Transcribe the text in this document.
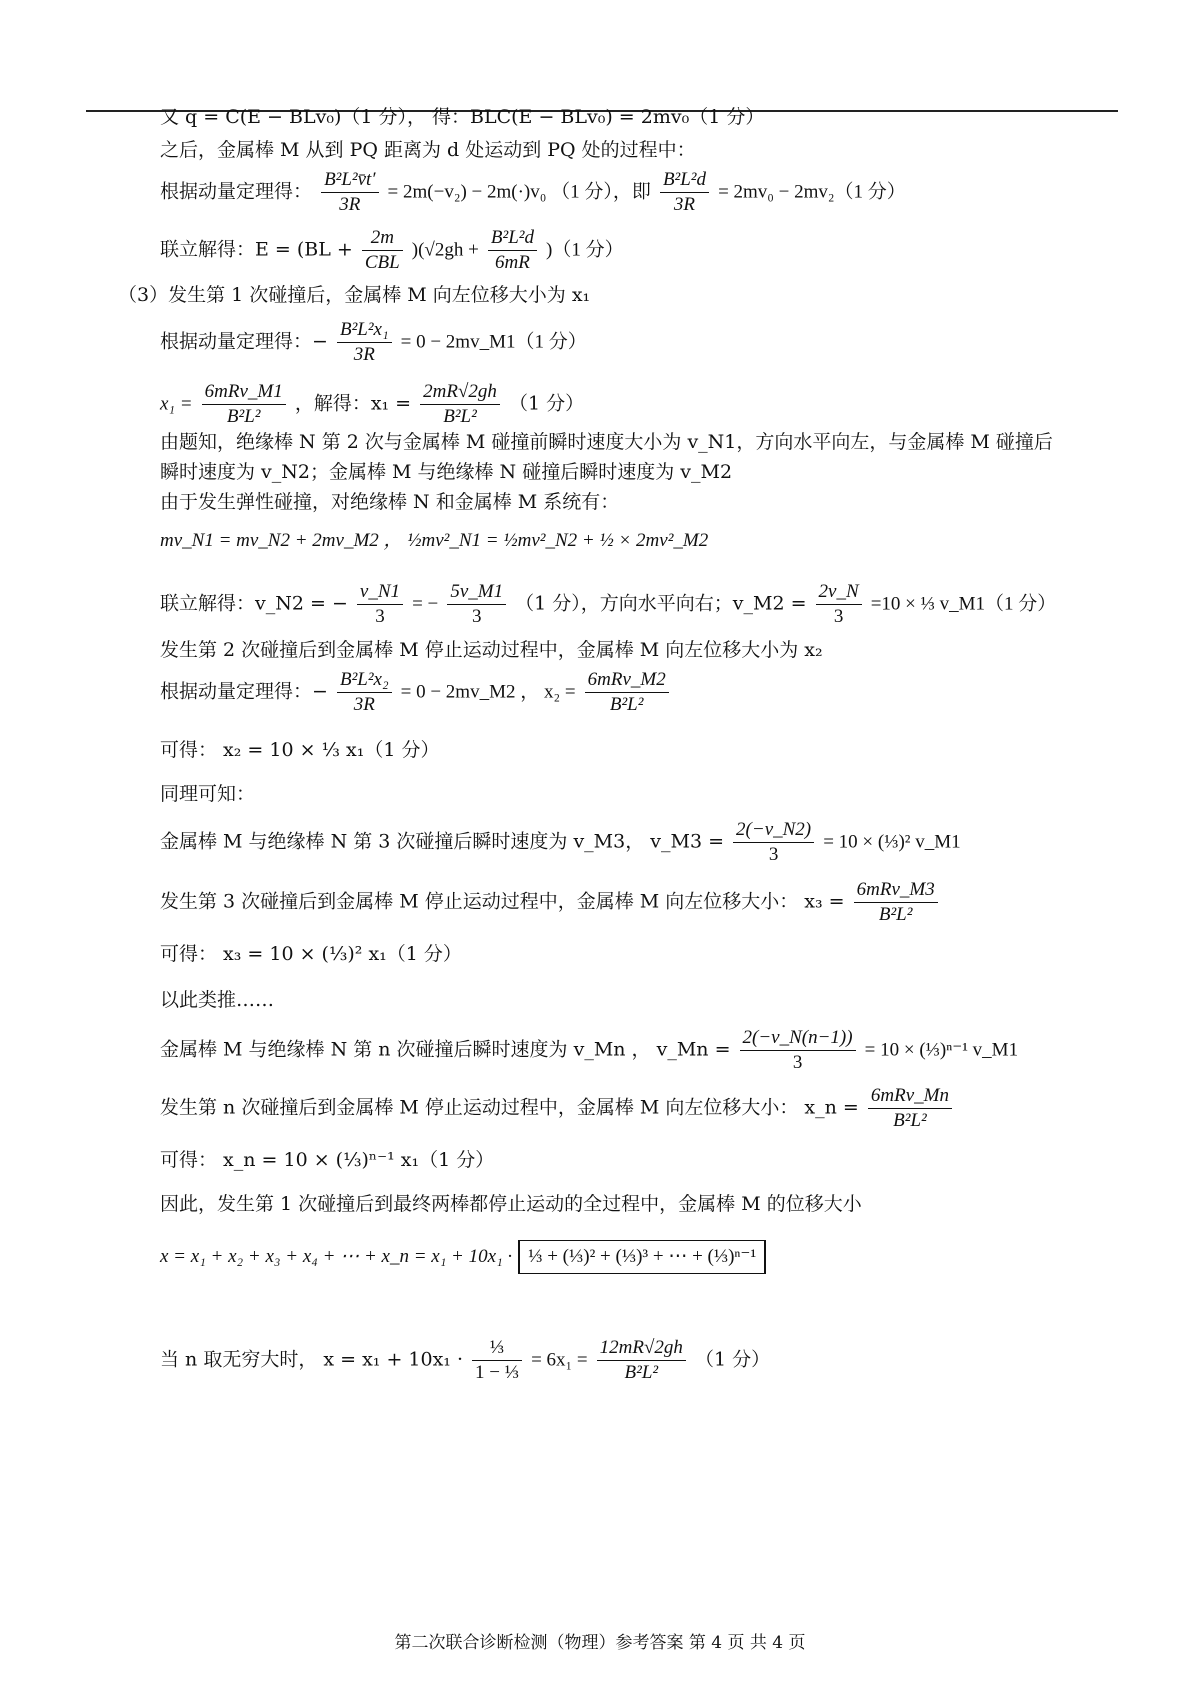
又 q = C(E − BLv₀)（1 分）， 得：BLC(E − BLv₀) = 2mv₀（1 分）
之后，金属棒 M 从到 PQ 距离为 d 处运动到 PQ 处的过程中：
根据动量定理得： $\frac{\text{B²L²v̄t′}}{3R} = 2m(-v_2) - 2m(\cdot)v_0$ （1 分），即 $\frac{\text{B²L²d}}{3R} = 2mv_0 - 2mv_2(1$ 分）
联立解得：$E = (BL + \frac{2m}{\text{CBL}} )(√2gh + \frac{\text{B²L²d}}{6mR} )(1$ 分）
（3）发生第 1 次碰撞后，金属棒 M 向左位移大小为 x₁
根据动量定理得：− $\frac{\text{B²L²x₁}}{3R} = 0$ − 2mv_M1（1 分）
$x_1 = \frac{\text{6mRv\_M1}}{\text{B²L²}}$ ，解得：$x_1 = \frac{2mR√2gh}{\text{B²L²}} (1$ 分）
由题知，绝缘棒 N 第 2 次与金属棒 M 碰撞前瞬时速度大小为 v_N1，方向水平向左，与金属棒 M 碰撞后
瞬时速度为 v_N2；金属棒 M 与绝缘棒 N 碰撞后瞬时速度为 v_M2
由于发生弹性碰撞，对绝缘棒 N 和金属棒 M 系统有：
mv_N1 = mv_N2 + 2mv_M2 ， ½mv²_N1 = ½mv²_N2 + ½ × 2mv²_M2
联立解得：v_N2 = − $\frac{v\_N1}{3}$ = − $\frac{5v\_M1}{3} (1$ 分），方向水平向右；v_M2 = $\frac{2v\_N}{3} =10$ × ⅓ v_M1（1 分）
发生第 2 次碰撞后到金属棒 M 停止运动过程中，金属棒 M 向左位移大小为 x₂
根据动量定理得：− $\frac{\text{B²L²x₂}}{3R} = 0$ − 2mv_M2 ， $x_2 = \frac{\text{6mRv\_M2}}{\text{B²L²}}$
可得： x₂ = 10 × ⅓ x₁（1 分）
同理可知：
金属棒 M 与绝缘棒 N 第 3 次碰撞后瞬时速度为 v_M3， v_M3 = $\frac{2(-v\_N2)}{3} = 10$ × (⅓)² v_M1
发生第 3 次碰撞后到金属棒 M 停止运动过程中，金属棒 M 向左位移大小： $x_3 = \frac{\text{6mRv\_M3}}{\text{B²L²}}$
可得： x₃ = 10 × (⅓)² x₁（1 分）
以此类推……
金属棒 M 与绝缘棒 N 第 n 次碰撞后瞬时速度为 v_Mn ， v_Mn = $\frac{2(-v\_N(n-1))}{3} = 10$ × (⅓)ⁿ⁻¹ v_M1
发生第 n 次碰撞后到金属棒 M 停止运动过程中，金属棒 M 向左位移大小： x_n = $\frac{\text{6mRv\_Mn}}{\text{B²L²}}$
可得： x_n = 10 × (⅓)ⁿ⁻¹ x₁（1 分）
因此，发生第 1 次碰撞后到最终两棒都停止运动的全过程中，金属棒 M 的位移大小
x = x₁ + x₂ + x₃ + x₄ + ⋯ + x_n = x₁ + 10x₁ · ⅓ + (⅓)² + (⅓)³ + ⋯ + (⅓)ⁿ⁻¹
当 n 取无穷大时， $x = x_1 + 10x_1 \cdot \frac{\text{⅓}}{\text{1 − ⅓}} = 6x_1 = \frac{12mR√2gh}{\text{B²L²}} (1$ 分）
第二次联合诊断检测（物理）参考答案 第 4 页 共 4 页
